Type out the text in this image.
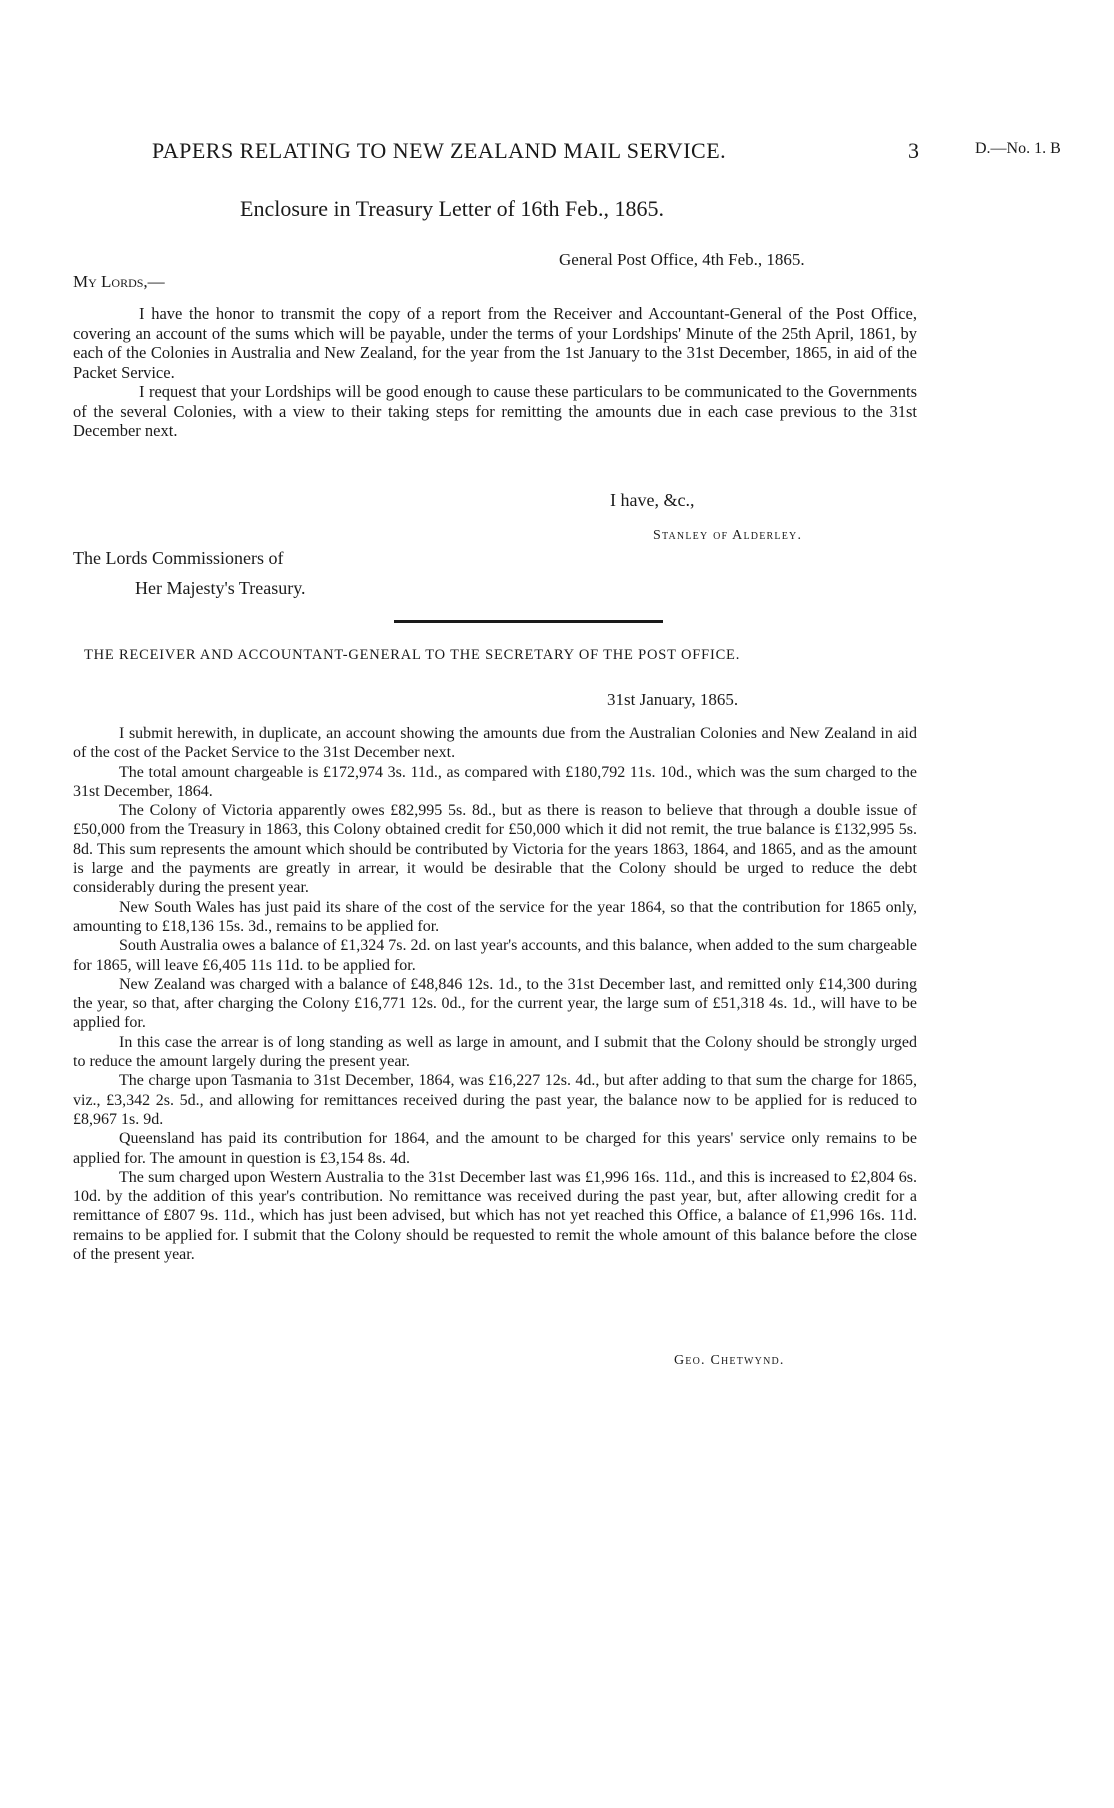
PAPERS RELATING TO NEW ZEALAND MAIL SERVICE.	3	D.—No. 1. B
Enclosure in Treasury Letter of 16th Feb., 1865.
General Post Office, 4th Feb., 1865.
My Lords,—

I have the honor to transmit the copy of a report from the Receiver and Accountant-General of the Post Office, covering an account of the sums which will be payable, under the terms of your Lordships' Minute of the 25th April, 1861, by each of the Colonies in Australia and New Zealand, for the year from the 1st January to the 31st December, 1865, in aid of the Packet Service.

I request that your Lordships will be good enough to cause these particulars to be communicated to the Governments of the several Colonies, with a view to their taking steps for remitting the amounts due in each case previous to the 31st December next.

I have, &c.,
Stanley of Alderley.
The Lords Commissioners of
Her Majesty's Treasury.
THE RECEIVER AND ACCOUNTANT-GENERAL TO THE SECRETARY OF THE POST OFFICE.
31st January, 1865.

I submit herewith, in duplicate, an account showing the amounts due from the Australian Colonies and New Zealand in aid of the cost of the Packet Service to the 31st December next.

The total amount chargeable is £172,974 3s. 11d., as compared with £180,792 11s. 10d., which was the sum charged to the 31st December, 1864.

The Colony of Victoria apparently owes £82,995 5s. 8d., but as there is reason to believe that through a double issue of £50,000 from the Treasury in 1863, this Colony obtained credit for £50,000 which it did not remit, the true balance is £132,995 5s. 8d. This sum represents the amount which should be contributed by Victoria for the years 1863, 1864, and 1865, and as the amount is large and the payments are greatly in arrear, it would be desirable that the Colony should be urged to reduce the debt considerably during the present year.

New South Wales has just paid its share of the cost of the service for the year 1864, so that the contribution for 1865 only, amounting to £18,136 15s. 3d., remains to be applied for.

South Australia owes a balance of £1,324 7s. 2d. on last year's accounts, and this balance, when added to the sum chargeable for 1865, will leave £6,405 11s 11d. to be applied for.

New Zealand was charged with a balance of £48,846 12s. 1d., to the 31st December last, and remitted only £14,300 during the year, so that, after charging the Colony £16,771 12s. 0d., for the current year, the large sum of £51,318 4s. 1d., will have to be applied for.

In this case the arrear is of long standing as well as large in amount, and I submit that the Colony should be strongly urged to reduce the amount largely during the present year.

The charge upon Tasmania to 31st December, 1864, was £16,227 12s. 4d., but after adding to that sum the charge for 1865, viz., £3,342 2s. 5d., and allowing for remittances received during the past year, the balance now to be applied for is reduced to £8,967 1s. 9d.

Queensland has paid its contribution for 1864, and the amount to be charged for this years' service only remains to be applied for. The amount in question is £3,154 8s. 4d.

The sum charged upon Western Australia to the 31st December last was £1,996 16s. 11d., and this is increased to £2,804 6s. 10d. by the addition of this year's contribution. No remittance was received during the past year, but, after allowing credit for a remittance of £807 9s. 11d., which has just been advised, but which has not yet reached this Office, a balance of £1,996 16s. 11d. remains to be applied for. I submit that the Colony should be requested to remit the whole amount of this balance before the close of the present year.

Geo. Chetwynd.
